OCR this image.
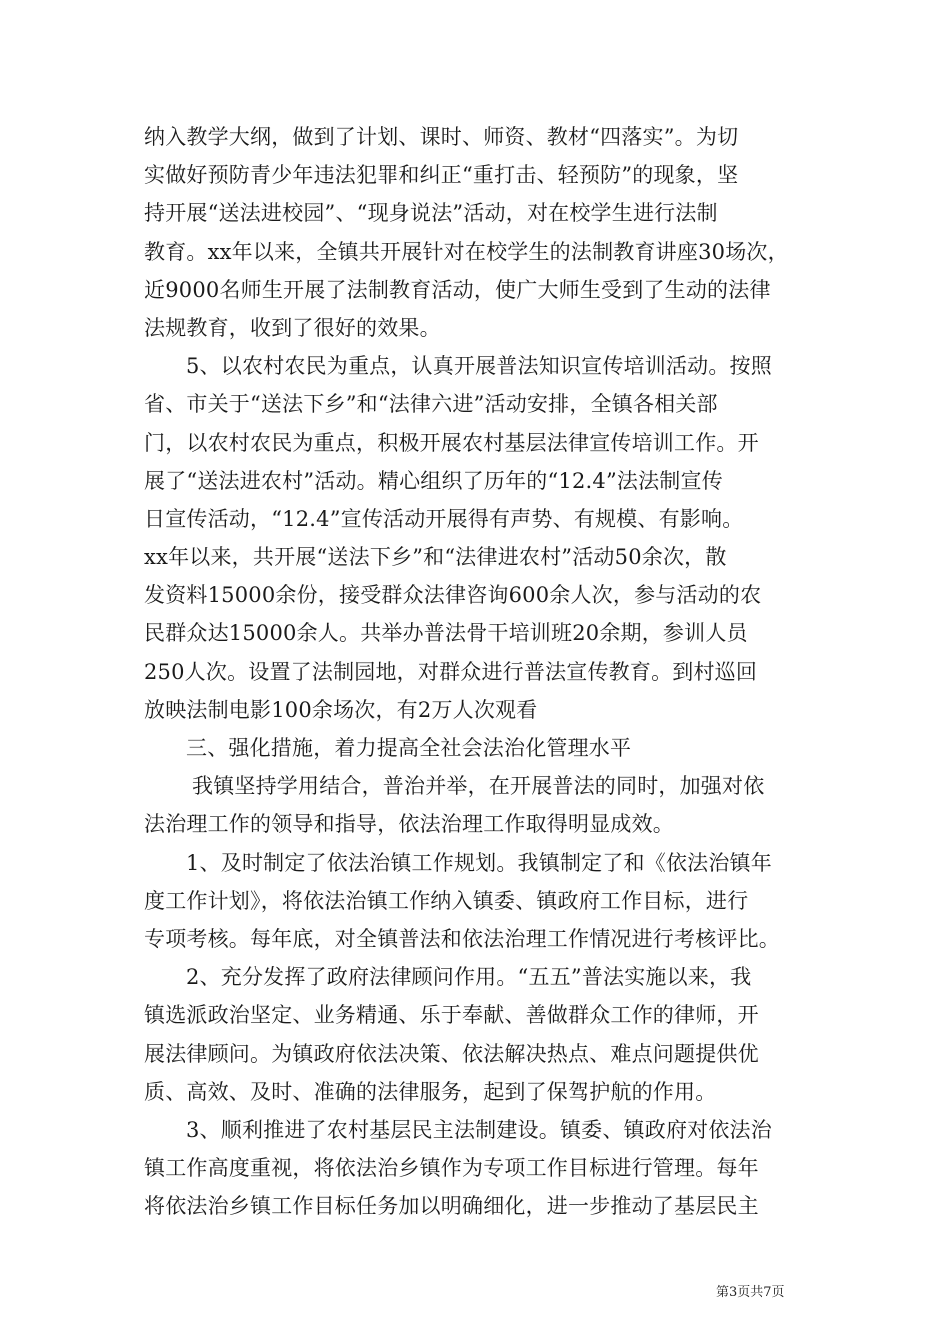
纳入教学大纲，做到了计划、课时、师资、教材“四落实”。为切
实做好预防青少年违法犯罪和纠正“重打击、轻预防”的现象，坚
持开展“送法进校园”、“现身说法”活动，对在校学生进行法制
教育。xx年以来，全镇共开展针对在校学生的法制教育讲座30场次，
近9000名师生开展了法制教育活动，使广大师生受到了生动的法律
法规教育，收到了很好的效果。
5、以农村农民为重点，认真开展普法知识宣传培训活动。按照
省、市关于“送法下乡”和“法律六进”活动安排，全镇各相关部
门，以农村农民为重点，积极开展农村基层法律宣传培训工作。开
展了“送法进农村”活动。精心组织了历年的“12.4”法法制宣传
日宣传活动，“12.4”宣传活动开展得有声势、有规模、有影响。
xx年以来，共开展“送法下乡”和“法律进农村”活动50余次，散
发资料15000余份，接受群众法律咨询600余人次，参与活动的农
民群众达15000余人。共举办普法骨干培训班20余期，参训人员
250人次。设置了法制园地，对群众进行普法宣传教育。到村巡回
放映法制电影100余场次，有2万人次观看
三、强化措施，着力提高全社会法治化管理水平
我镇坚持学用结合，普治并举，在开展普法的同时，加强对依
法治理工作的领导和指导，依法治理工作取得明显成效。
1、及时制定了依法治镇工作规划。我镇制定了和《依法治镇年
度工作计划》，将依法治镇工作纳入镇委、镇政府工作目标，进行
专项考核。每年底，对全镇普法和依法治理工作情况进行考核评比。
2、充分发挥了政府法律顾问作用。“五五”普法实施以来，我
镇选派政治坚定、业务精通、乐于奉献、善做群众工作的律师，开
展法律顾问。为镇政府依法决策、依法解决热点、难点问题提供优
质、高效、及时、准确的法律服务，起到了保驾护航的作用。
3、顺利推进了农村基层民主法制建设。镇委、镇政府对依法治
镇工作高度重视，将依法治乡镇作为专项工作目标进行管理。每年
将依法治乡镇工作目标任务加以明确细化，进一步推动了基层民主
第3页共7页
